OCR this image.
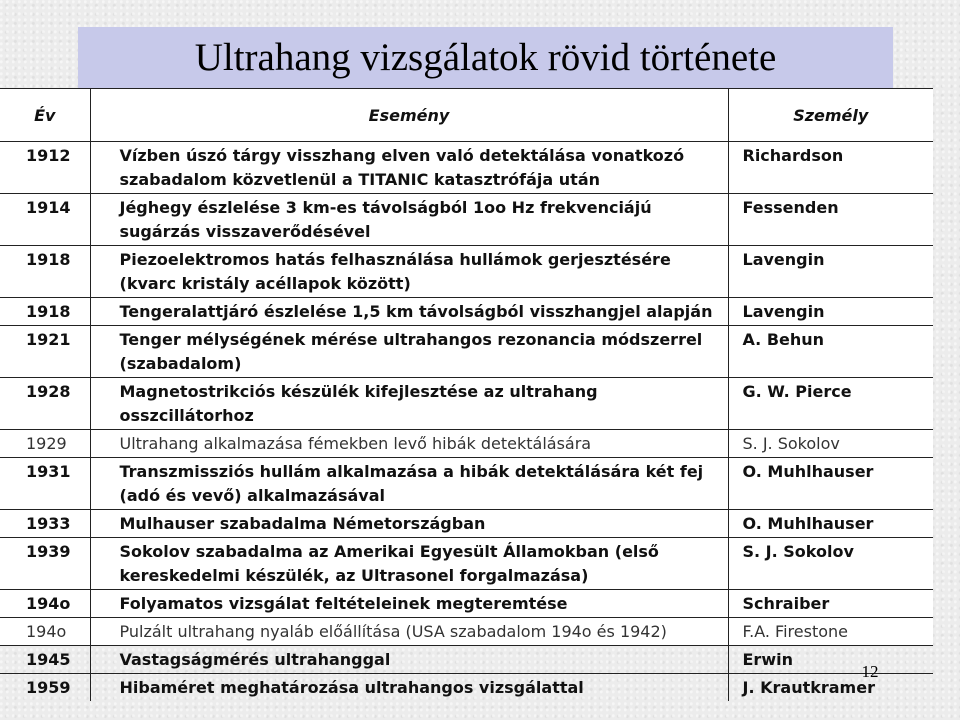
Ultrahang vizsgálatok rövid története
Év	Esemény	Személy
1912	Vízben úszó tárgy visszhang elven való detektálása vonatkozó szabadalom közvetlenül a TITANIC katasztrófája után	Richardson
1914	Jéghegy észlelése 3 km-es távolságból 1oo Hz frekvenciájú sugárzás visszaverődésével	Fessenden
1918	Piezoelektromos hatás felhasználása hullámok gerjesztésére (kvarc kristály acéllapok között)	Lavengin
1918	Tengeralattjáró észlelése 1,5 km távolságból visszhangjel alapján	Lavengin
1921	Tenger mélységének mérése ultrahangos rezonancia módszerrel (szabadalom)	A. Behun
1928	Magnetostrikciós készülék kifejlesztése az ultrahang osszcillátorhoz	G. W. Pierce
1929	Ultrahang alkalmazása fémekben levő hibák detektálására	S. J. Sokolov
1931	Transzmissziós hullám alkalmazása a hibák detektálására két fej (adó és vevő) alkalmazásával	O. Muhlhauser
1933	Mulhauser szabadalma Németországban	O. Muhlhauser
1939	Sokolov szabadalma az Amerikai Egyesült Államokban (első kereskedelmi készülék, az Ultrasonel forgalmazása)	S. J. Sokolov
194o	Folyamatos vizsgálat feltételeinek megteremtése	Schraiber
194o	Pulzált ultrahang nyaláb előállítása (USA szabadalom 194o és 1942)	F.A. Firestone
1945	Vastagságmérés ultrahanggal	Erwin
1959	Hibaméret meghatározása ultrahangos vizsgálattal	J. Krautkramer
12
